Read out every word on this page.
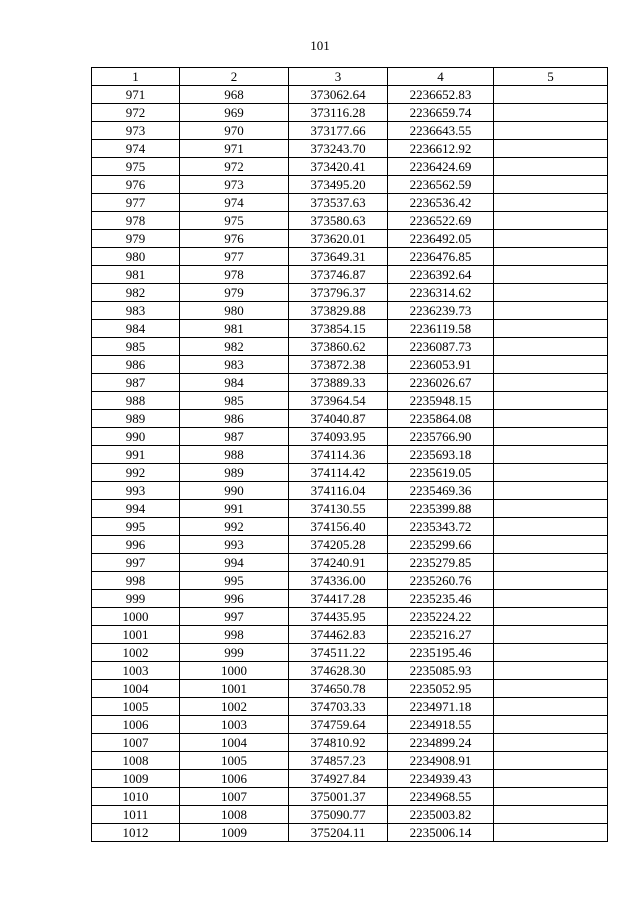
101
1	2	3	4	5
971	968	373062.64	2236652.83	
972	969	373116.28	2236659.74	
973	970	373177.66	2236643.55	
974	971	373243.70	2236612.92	
975	972	373420.41	2236424.69	
976	973	373495.20	2236562.59	
977	974	373537.63	2236536.42	
978	975	373580.63	2236522.69	
979	976	373620.01	2236492.05	
980	977	373649.31	2236476.85	
981	978	373746.87	2236392.64	
982	979	373796.37	2236314.62	
983	980	373829.88	2236239.73	
984	981	373854.15	2236119.58	
985	982	373860.62	2236087.73	
986	983	373872.38	2236053.91	
987	984	373889.33	2236026.67	
988	985	373964.54	2235948.15	
989	986	374040.87	2235864.08	
990	987	374093.95	2235766.90	
991	988	374114.36	2235693.18	
992	989	374114.42	2235619.05	
993	990	374116.04	2235469.36	
994	991	374130.55	2235399.88	
995	992	374156.40	2235343.72	
996	993	374205.28	2235299.66	
997	994	374240.91	2235279.85	
998	995	374336.00	2235260.76	
999	996	374417.28	2235235.46	
1000	997	374435.95	2235224.22	
1001	998	374462.83	2235216.27	
1002	999	374511.22	2235195.46	
1003	1000	374628.30	2235085.93	
1004	1001	374650.78	2235052.95	
1005	1002	374703.33	2234971.18	
1006	1003	374759.64	2234918.55	
1007	1004	374810.92	2234899.24	
1008	1005	374857.23	2234908.91	
1009	1006	374927.84	2234939.43	
1010	1007	375001.37	2234968.55	
1011	1008	375090.77	2235003.82	
1012	1009	375204.11	2235006.14	
